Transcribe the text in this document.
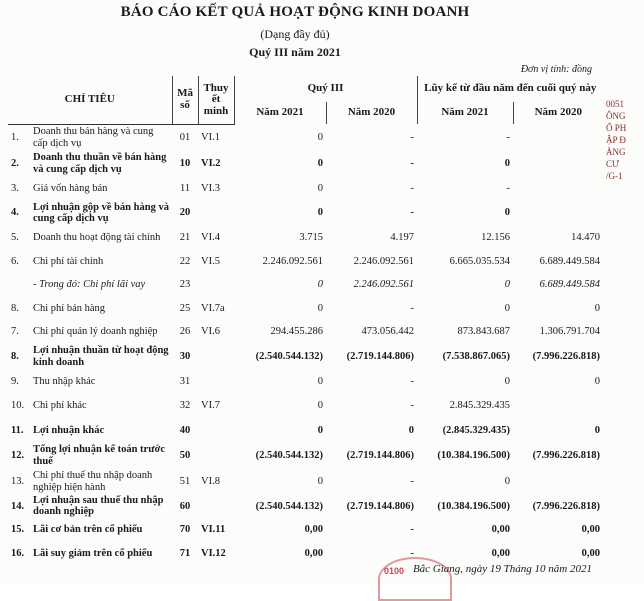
BÁO CÁO KẾT QUẢ HOẠT ĐỘNG KINH DOANH
(Dạng đầy đủ)
Quý III năm 2021
Đơn vị tính: đồng
CHỈ TIÊU		Mã số	Thuy ết minh	Quý III		Lũy kế từ đầu năm đến cuối quý này	
				Năm 2021	Năm 2020	Năm 2021	Năm 2020
1.	Doanh thu bán hàng và cung cấp dịch vụ	01	VI.1	0	-	-	
2.	Doanh thu thuần về bán hàng và cung cấp dịch vụ	10	VI.2	0	-	0	
3.	Giá vốn hàng bán	11	VI.3	0	-	-	
4.	Lợi nhuận gộp về bán hàng và cung cấp dịch vụ	20		0	-	0	
5.	Doanh thu hoạt động tài chính	21	VI.4	3.715	4.197	12.156	14.470
6.	Chi phí tài chính	22	VI.5	2.246.092.561	2.246.092.561	6.665.035.534	6.689.449.584
	- Trong đó: Chi phí lãi vay	23		0	2.246.092.561	0	6.689.449.584
8.	Chi phí bán hàng	25	VI.7a	0	-	0	0
7.	Chi phí quản lý doanh nghiệp	26	VI.6	294.455.286	473.056.442	873.843.687	1.306.791.704
8.	Lợi nhuận thuần từ hoạt động kinh doanh	30		(2.540.544.132)	(2.719.144.806)	(7.538.867.065)	(7.996.226.818)
9.	Thu nhập khác	31		0	-	0	0
10.	Chi phí khác	32	VI.7	0	-	2.845.329.435	
11.	Lợi nhuận khác	40		0	0	(2.845.329.435)	0
12.	Tổng lợi nhuận kế toán trước thuế	50		(2.540.544.132)	(2.719.144.806)	(10.384.196.500)	(7.996.226.818)
13.	Chi phí thuế thu nhập doanh nghiệp hiện hành	51	VI.8	0	-	0	
14.	Lợi nhuận sau thuế thu nhập doanh nghiệp	60		(2.540.544.132)	(2.719.144.806)	(10.384.196.500)	(7.996.226.818)
15.	Lãi cơ bản trên cổ phiếu	70	VI.11	0,00	-	0,00	0,00
16.	Lãi suy giảm trên cổ phiếu	71	VI.12	0,00	-	0,00	0,00
0051
ÔNG
Ổ PH
ẬP Đ
ÀNG
CƯ
/G-1
0100 Bắc Giang, ngày 19 Tháng 10 năm 2021
